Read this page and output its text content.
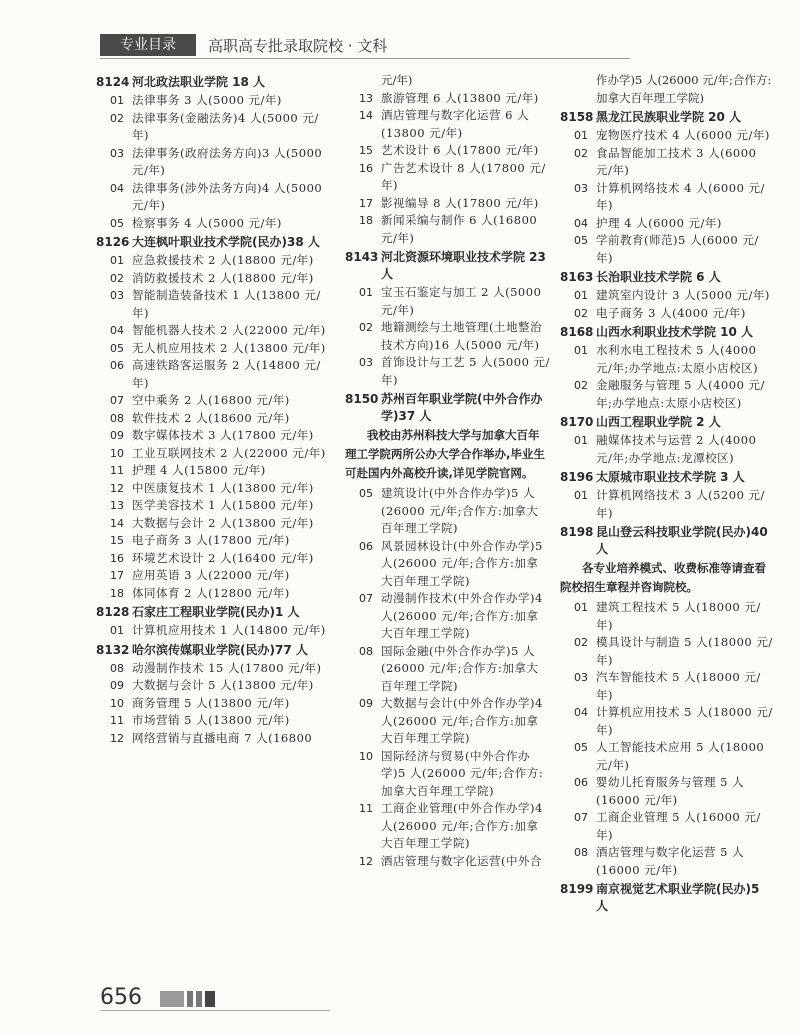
专业目录	高职高专批录取院校 · 文科
8124 河北政法职业学院 18 人
01 法律事务 3 人(5000 元/年)
02 法律事务(金融法务)4 人(5000 元/年)
03 法律事务(政府法务方向)3 人(5000 元/年)
04 法律事务(涉外法务方向)4 人(5000 元/年)
05 检察事务 4 人(5000 元/年)
8126 大连枫叶职业技术学院(民办)38 人
01 应急救援技术 2 人(18800 元/年)
02 消防救援技术 2 人(18800 元/年)
03 智能制造装备技术 1 人(13800 元/年)
04 智能机器人技术 2 人(22000 元/年)
05 无人机应用技术 2 人(13800 元/年)
06 高速铁路客运服务 2 人(14800 元/年)
07 空中乘务 2 人(16800 元/年)
08 软件技术 2 人(18600 元/年)
09 数字媒体技术 3 人(17800 元/年)
10 工业互联网技术 2 人(22000 元/年)
11 护理 4 人(15800 元/年)
12 中医康复技术 1 人(13800 元/年)
13 医学美容技术 1 人(15800 元/年)
14 大数据与会计 2 人(13800 元/年)
15 电子商务 3 人(17800 元/年)
16 环境艺术设计 2 人(16400 元/年)
17 应用英语 3 人(22000 元/年)
18 体同体育 2 人(12800 元/年)
8128 石家庄工程职业学院(民办)1 人
01 计算机应用技术 1 人(14800 元/年)
8132 哈尔滨传媒职业学院(民办)77 人
08 动漫制作技术 15 人(17800 元/年)
09 大数据与会计 5 人(13800 元/年)
10 商务管理 5 人(13800 元/年)
11 市场营销 5 人(13800 元/年)
12 网络营销与直播电商 7 人(16800
元/年)
13 旅游管理 6 人(13800 元/年)
14 酒店管理与数字化运营 6 人(13800 元/年)
15 艺术设计 6 人(17800 元/年)
16 广告艺术设计 8 人(17800 元/年)
17 影视编导 8 人(17800 元/年)
18 新闻采编与制作 6 人(16800 元/年)
8143 河北资源环境职业技术学院 23 人
01 宝玉石鉴定与加工 2 人(5000 元/年)
02 地籍测绘与土地管理(土地整治技术方向)16 人(5000 元/年)
03 首饰设计与工艺 5 人(5000 元/年)
8150 苏州百年职业学院(中外合作办学)37 人
我校由苏州科技大学与加拿大百年理工学院两所公办大学合作举办,毕业生可赴国内外高校升读,详见学院官网。
05 建筑设计(中外合作办学)5 人(26000 元/年;合作方:加拿大百年理工学院)
06 风景园林设计(中外合作办学)5 人(26000 元/年;合作方:加拿大百年理工学院)
07 动漫制作技术(中外合作办学)4 人(26000 元/年;合作方:加拿大百年理工学院)
08 国际金融(中外合作办学)5 人(26000 元/年;合作方:加拿大百年理工学院)
09 大数据与会计(中外合作办学)4 人(26000 元/年;合作方:加拿大百年理工学院)
10 国际经济与贸易(中外合作办学)5 人(26000 元/年;合作方:加拿大百年理工学院)
11 工商企业管理(中外合作办学)4 人(26000 元/年;合作方:加拿大百年理工学院)
12 酒店管理与数字化运营(中外合
作办学)5 人(26000 元/年;合作方:加拿大百年理工学院)
8158 黑龙江民族职业学院 20 人
01 宠物医疗技术 4 人(6000 元/年)
02 食品智能加工技术 3 人(6000 元/年)
03 计算机网络技术 4 人(6000 元/年)
04 护理 4 人(6000 元/年)
05 学前教育(师范)5 人(6000 元/年)
8163 长治职业技术学院 6 人
01 建筑室内设计 3 人(5000 元/年)
02 电子商务 3 人(4000 元/年)
8168 山西水利职业技术学院 10 人
01 水利水电工程技术 5 人(4000 元/年;办学地点:太原小店校区)
02 金融服务与管理 5 人(4000 元/年;办学地点:太原小店校区)
8170 山西工程职业学院 2 人
01 融媒体技术与运营 2 人(4000 元/年;办学地点:龙潭校区)
8196 太原城市职业技术学院 3 人
01 计算机网络技术 3 人(5200 元/年)
8198 昆山登云科技职业学院(民办)40 人
各专业培养模式、收费标准等请查看院校招生章程并咨询院校。
01 建筑工程技术 5 人(18000 元/年)
02 模具设计与制造 5 人(18000 元/年)
03 汽车智能技术 5 人(18000 元/年)
04 计算机应用技术 5 人(18000 元/年)
05 人工智能技术应用 5 人(18000 元/年)
06 婴幼儿托育服务与管理 5 人(16000 元/年)
07 工商企业管理 5 人(16000 元/年)
08 酒店管理与数字化运营 5 人(16000 元/年)
8199 南京视觉艺术职业学院(民办)5 人
656
